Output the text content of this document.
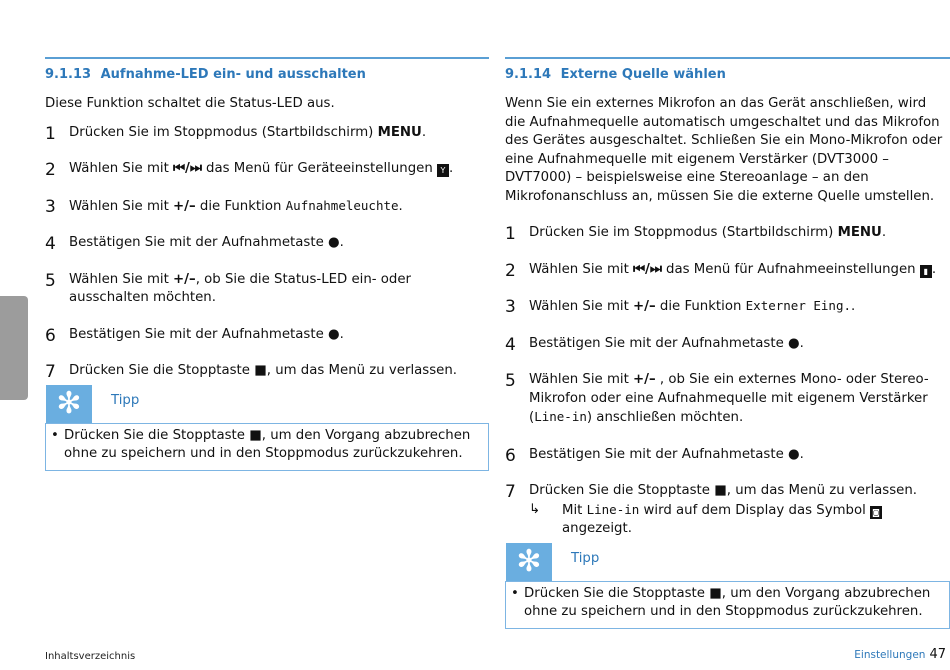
9.1.13 Aufnahme-LED ein- und ausschalten

Diese Funktion schaltet die Status-LED aus.

1 Drücken Sie im Stoppmodus (Startbildschirm) MENU.
2 Wählen Sie mit ⏮/⏭ das Menü für Geräteeinstellungen Y .
3 Wählen Sie mit +/– die Funktion Aufnahmeleuchte.
4 Bestätigen Sie mit der Aufnahmetaste ●.
5 Wählen Sie mit +/–, ob Sie die Status-LED ein- oder ausschalten möchten.
6 Bestätigen Sie mit der Aufnahmetaste ●.
7 Drücken Sie die Stopptaste ■, um das Menü zu verlassen.
✻	Tipp
• Drücken Sie die Stopptaste ■, um den Vorgang abzubrechen ohne zu speichern und in den Stoppmodus zurückzukehren.
9.1.14 Externe Quelle wählen

Wenn Sie ein externes Mikrofon an das Gerät anschließen, wird die Aufnahmequelle automatisch umgeschaltet und das Mikrofon des Gerätes ausgeschaltet. Schließen Sie ein Mono-Mikrofon oder eine Aufnahmequelle mit eigenem Verstärker (DVT3000 – DVT7000) – beispielsweise eine Stereoanlage – an den Mikrofonanschluss an, müssen Sie die externe Quelle umstellen.

1 Drücken Sie im Stoppmodus (Startbildschirm) MENU.
2 Wählen Sie mit ⏮/⏭ das Menü für Aufnahmeeinstellungen ▮ .
3 Wählen Sie mit +/– die Funktion Externer Eing..
4 Bestätigen Sie mit der Aufnahmetaste ●.
5 Wählen Sie mit +/– , ob Sie ein externes Mono- oder Stereo-Mikrofon oder eine Aufnahmequelle mit eigenem Verstärker (Line-in) anschließen möchten.
6 Bestätigen Sie mit der Aufnahmetaste ●.
7 Drücken Sie die Stopptaste ■, um das Menü zu verlassen.
↳ Mit Line-in wird auf dem Display das Symbol ◙ angezeigt.
✻	Tipp
• Drücken Sie die Stopptaste ■, um den Vorgang abzubrechen ohne zu speichern und in den Stoppmodus zurückzukehren.
Inhaltsverzeichnis	Einstellungen 47
